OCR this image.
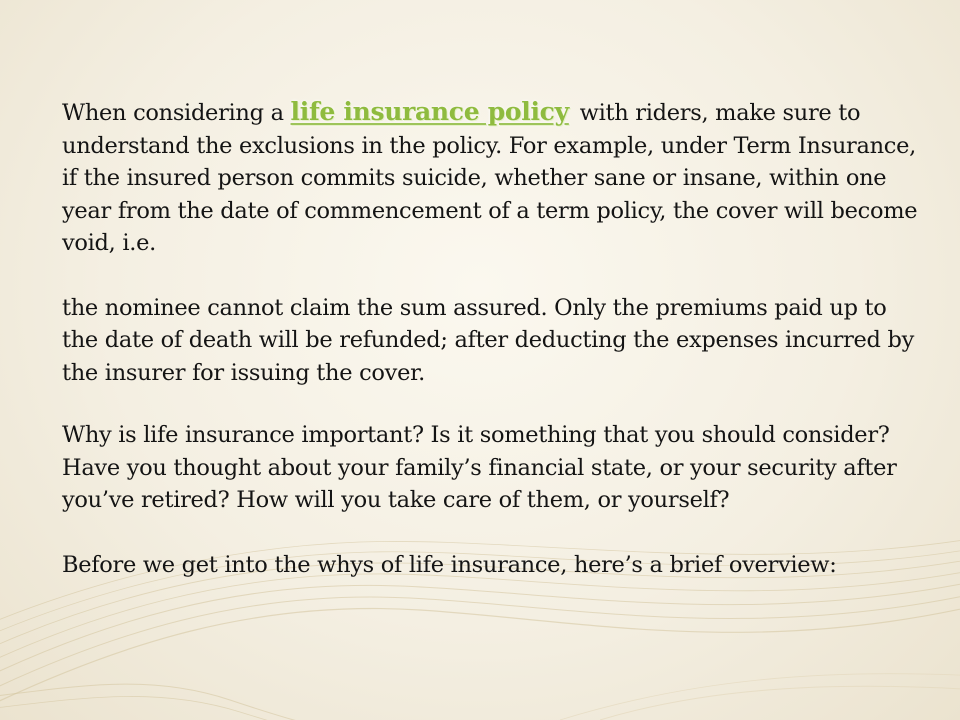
When considering a life insurance policy with riders, make sure to understand the exclusions in the policy. For example, under Term Insurance, if the insured person commits suicide, whether sane or insane, within one year from the date of commencement of a term policy, the cover will become void, i.e.

the nominee cannot claim the sum assured. Only the premiums paid up to the date of death will be refunded; after deducting the expenses incurred by the insurer for issuing the cover.

Why is life insurance important? Is it something that you should consider? Have you thought about your family’s financial state, or your security after you’ve retired? How will you take care of them, or yourself?

Before we get into the whys of life insurance, here’s a brief overview:
